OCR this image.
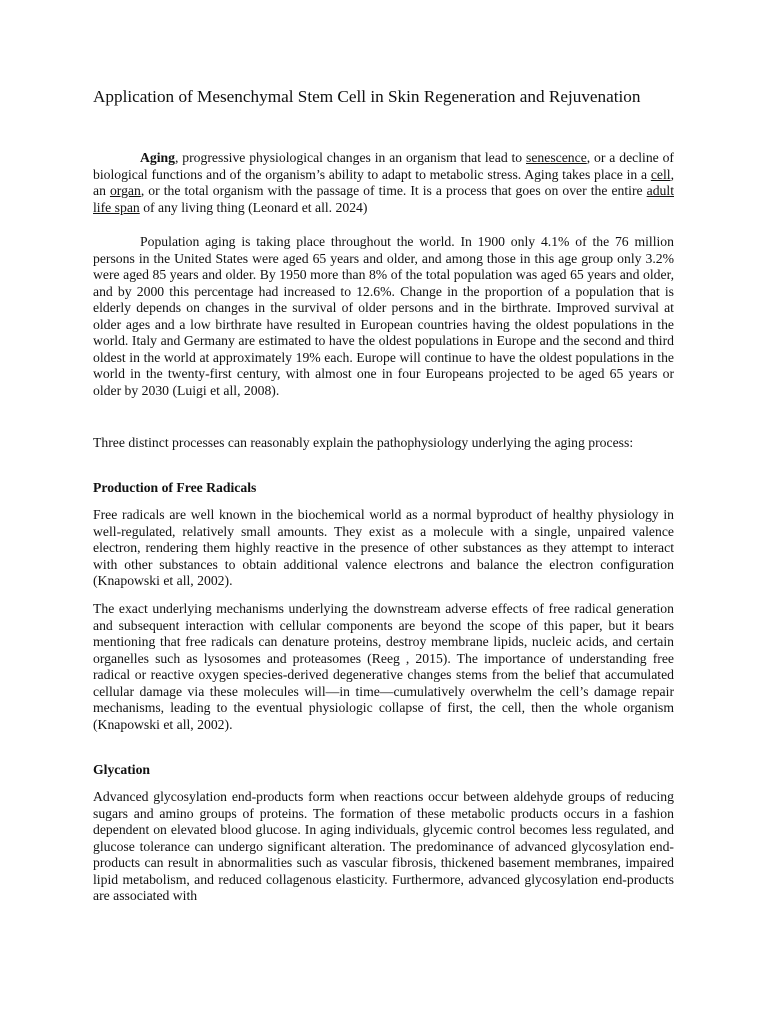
Application of Mesenchymal Stem Cell in Skin Regeneration and Rejuvenation

Aging, progressive physiological changes in an organism that lead to senescence, or a decline of biological functions and of the organism’s ability to adapt to metabolic stress. Aging takes place in a cell, an organ, or the total organism with the passage of time. It is a process that goes on over the entire adult life span of any living thing (Leonard et all. 2024)

Population aging is taking place throughout the world. In 1900 only 4.1% of the 76 million persons in the United States were aged 65 years and older, and among those in this age group only 3.2% were aged 85 years and older. By 1950 more than 8% of the total population was aged 65 years and older, and by 2000 this percentage had increased to 12.6%. Change in the proportion of a population that is elderly depends on changes in the survival of older persons and in the birthrate. Improved survival at older ages and a low birthrate have resulted in European countries having the oldest populations in the world. Italy and Germany are estimated to have the oldest populations in Europe and the second and third oldest in the world at approximately 19% each. Europe will continue to have the oldest populations in the world in the twenty-first century, with almost one in four Europeans projected to be aged 65 years or older by 2030 (Luigi et all, 2008).

Three distinct processes can reasonably explain the pathophysiology underlying the aging process:

Production of Free Radicals

Free radicals are well known in the biochemical world as a normal byproduct of healthy physiology in well-regulated, relatively small amounts. They exist as a molecule with a single, unpaired valence electron, rendering them highly reactive in the presence of other substances as they attempt to interact with other substances to obtain additional valence electrons and balance the electron configuration (Knapowski et all, 2002).

The exact underlying mechanisms underlying the downstream adverse effects of free radical generation and subsequent interaction with cellular components are beyond the scope of this paper, but it bears mentioning that free radicals can denature proteins, destroy membrane lipids, nucleic acids, and certain organelles such as lysosomes and proteasomes (Reeg , 2015). The importance of understanding free radical or reactive oxygen species-derived degenerative changes stems from the belief that accumulated cellular damage via these molecules will—in time—cumulatively overwhelm the cell’s damage repair mechanisms, leading to the eventual physiologic collapse of first, the cell, then the whole organism (Knapowski et all, 2002).

Glycation

Advanced glycosylation end-products form when reactions occur between aldehyde groups of reducing sugars and amino groups of proteins. The formation of these metabolic products occurs in a fashion dependent on elevated blood glucose. In aging individuals, glycemic control becomes less regulated, and glucose tolerance can undergo significant alteration. The predominance of advanced glycosylation end-products can result in abnormalities such as vascular fibrosis, thickened basement membranes, impaired lipid metabolism, and reduced collagenous elasticity. Furthermore, advanced glycosylation end-products are associated with
